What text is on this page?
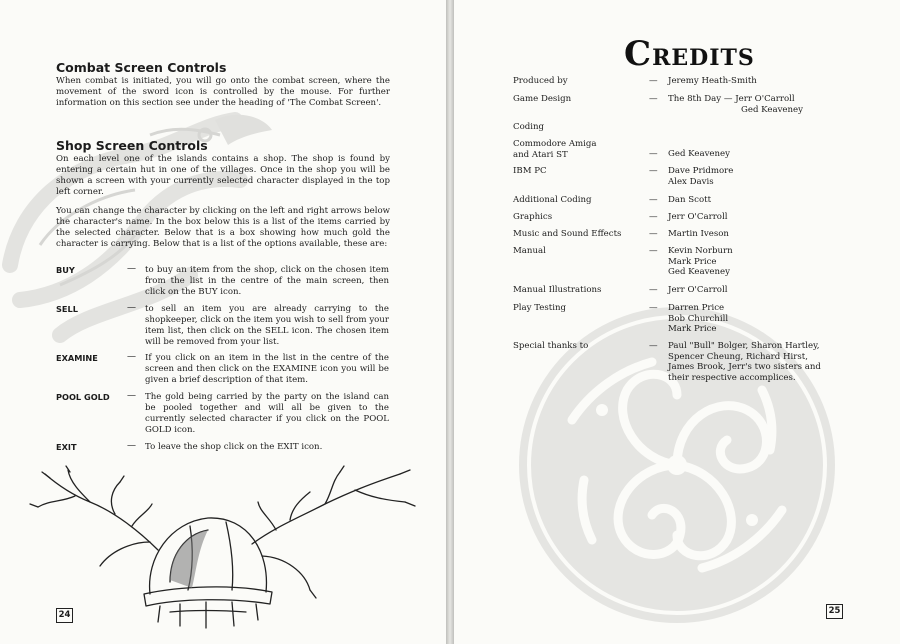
Combat Screen Controls

When combat is initiated, you will go onto the combat screen, where the movement of the sword icon is controlled by the mouse. For further information on this section see under the heading of 'The Combat Screen'.

Shop Screen Controls

On each level one of the islands contains a shop. The shop is found by entering a certain hut in one of the villages. Once in the shop you will be shown a screen with your currently selected character displayed in the top left corner.

You can change the character by clicking on the left and right arrows below the character's name. In the box below this is a list of the items carried by the selected character. Below that is a box showing how much gold the character is carrying. Below that is a list of the options available, these are:

BUY	— to buy an item from the shop, click on the chosen item from the list in the centre of the main screen, then click on the BUY icon.
SELL	— to sell an item you are already carrying to the shopkeeper, click on the item you wish to sell from your item list, then click on the SELL icon. The chosen item will be removed from your list.
EXAMINE	— If you click on an item in the list in the centre of the screen and then click on the EXAMINE icon you will be given a brief description of that item.
POOL GOLD — The gold being carried by the party on the island can be pooled together and will all be given to the currently selected character if you click on the POOL GOLD icon.
EXIT	— To leave the shop click on the EXIT icon.
24
CREDITS
Produced by	— Jeremy Heath-Smith
Game Design	— The 8th Day — Jerr O'Carroll
Ged Keaveney
Coding
Commodore Amiga and Atari ST	— Ged Keaveney
IBM PC	— Dave Pridmore
Alex Davis
Additional Coding	— Dan Scott
Graphics	— Jerr O'Carroll
Music and Sound Effects	— Martin Iveson
Manual	— Kevin Norburn
Mark Price
Ged Keaveney
Manual Illustrations	— Jerr O'Carroll
Play Testing	— Darren Price
Bob Churchill
Mark Price
Special thanks to	— Paul "Bull" Bolger, Sharon Hartley,
Spencer Cheung, Richard Hirst,
James Brook, Jerr's two sisters and
their respective accomplices.
25
